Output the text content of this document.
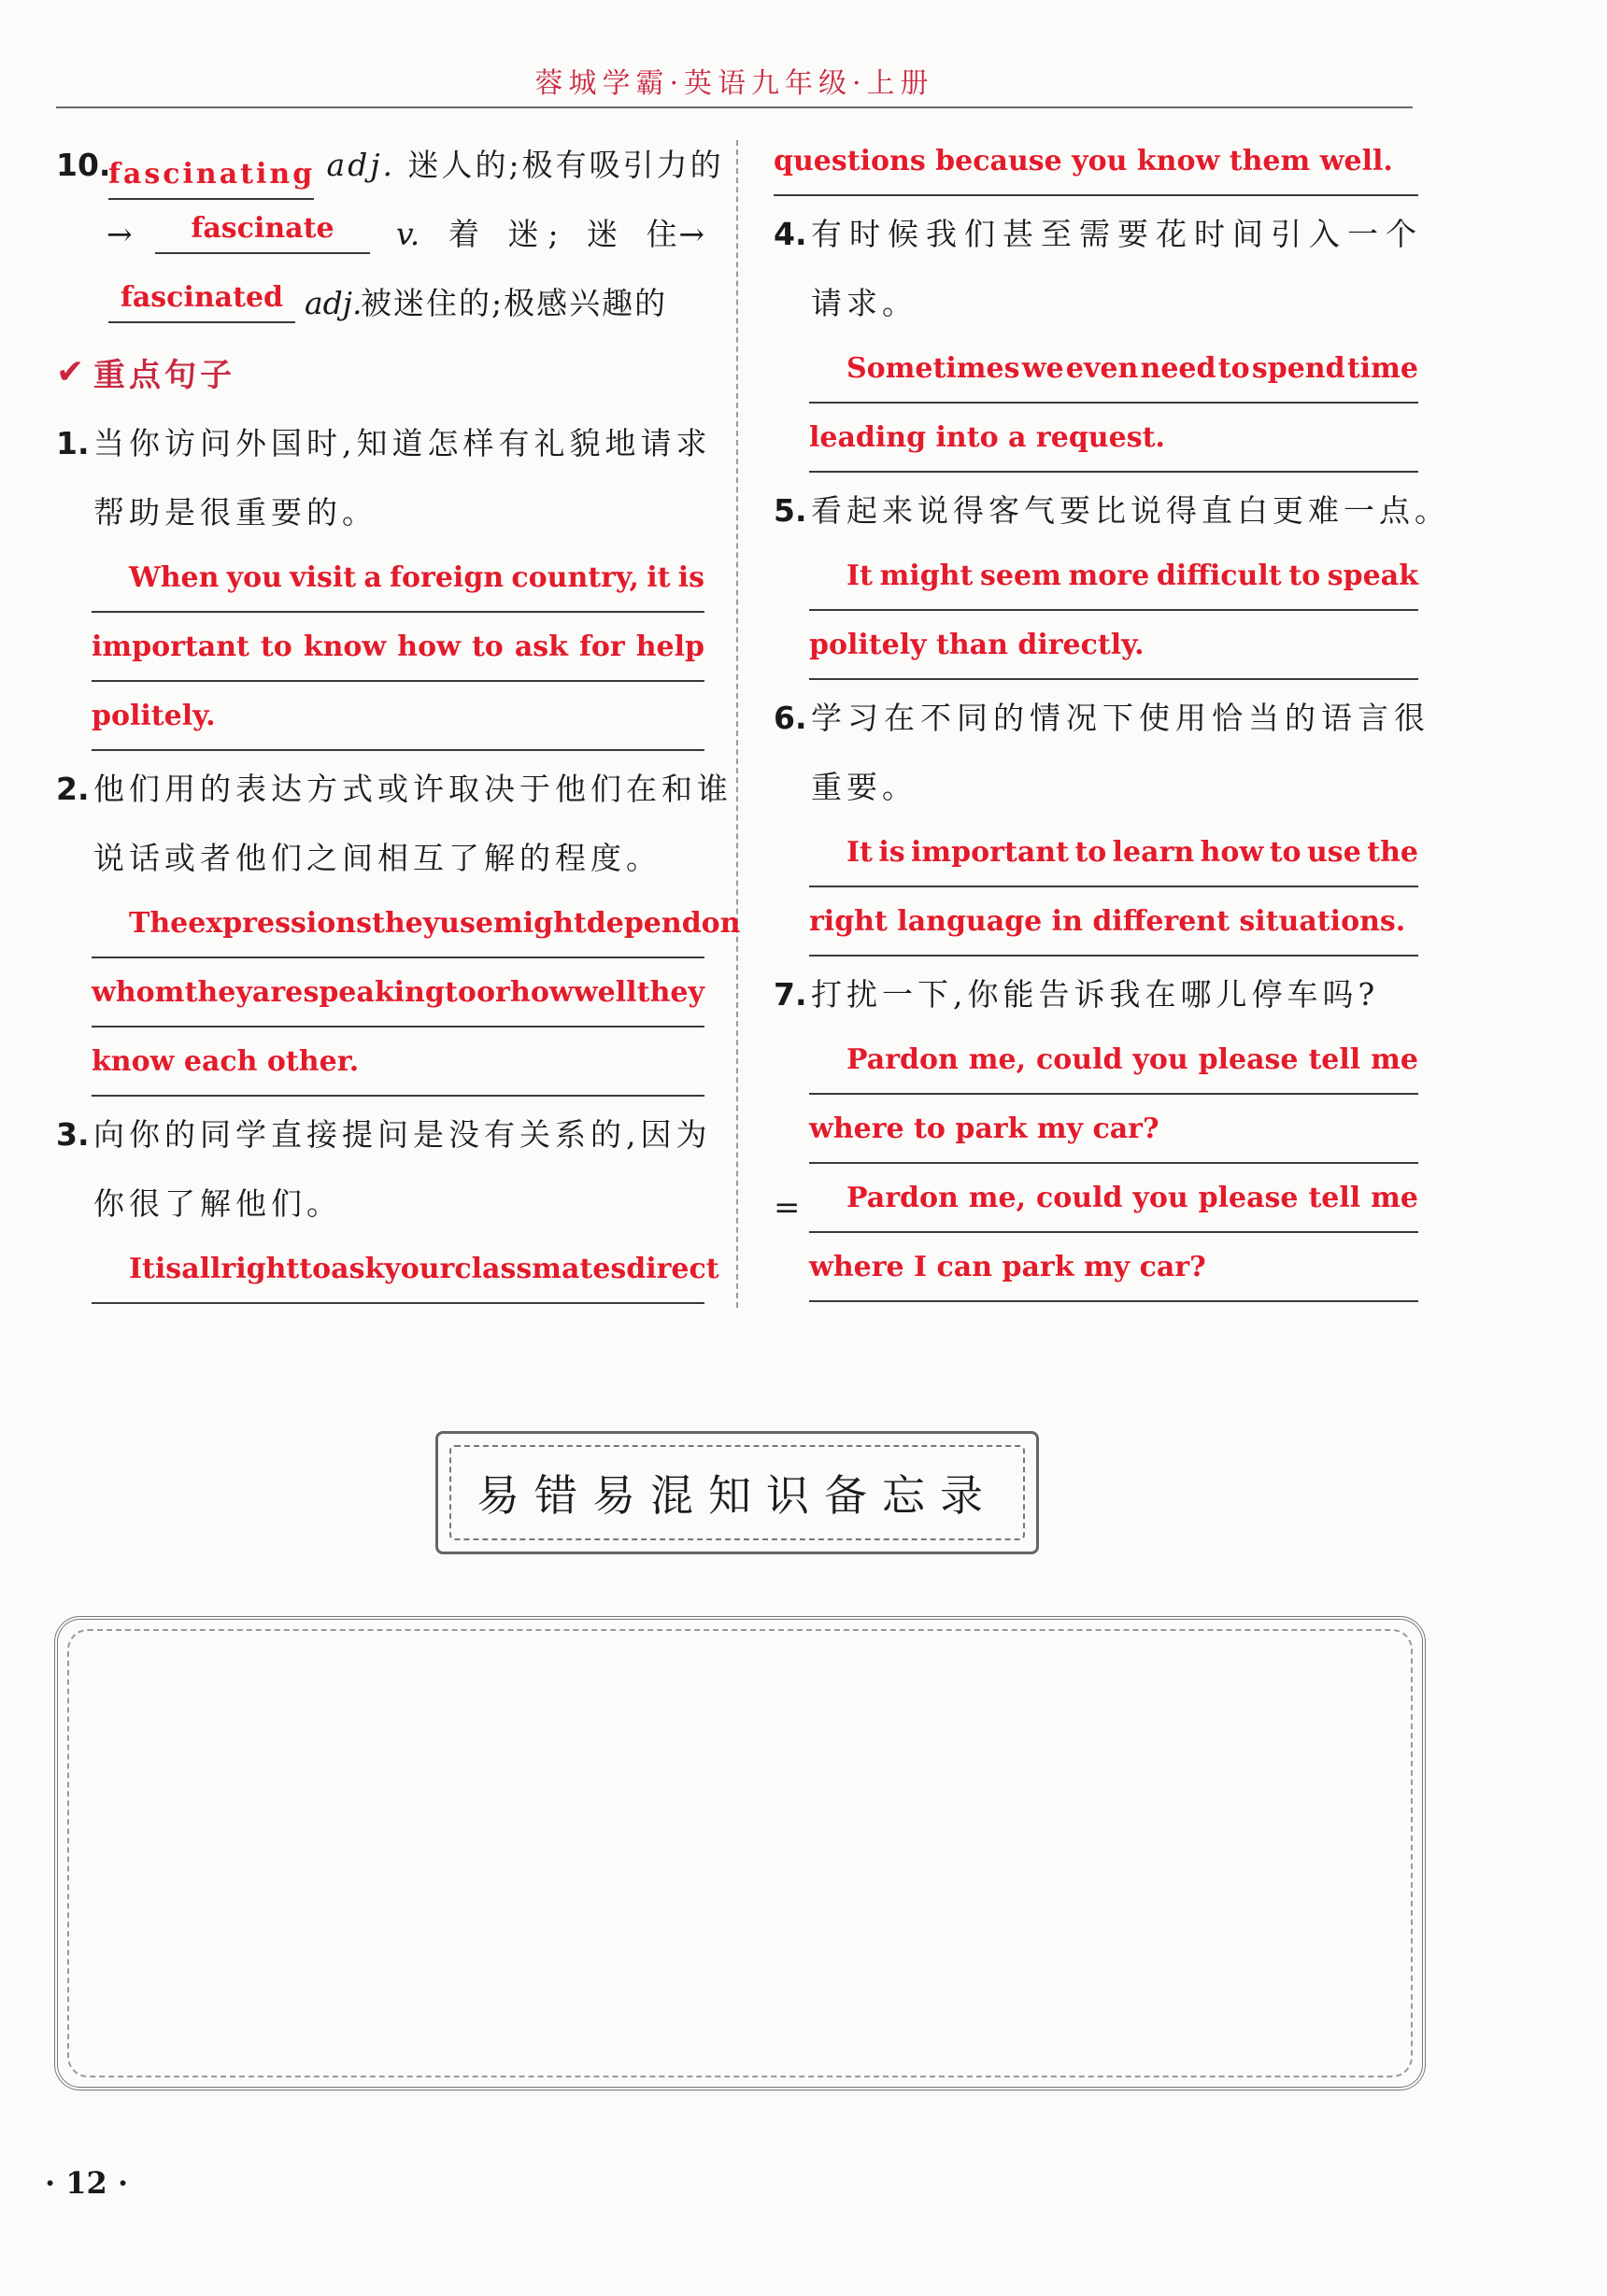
蓉城学霸·英语九年级·上册
10.
fascinating adj. 迷人的;极有吸引力的
→	fascinate	v. 着 迷; 迷 住
→
fascinated adj.
被迷住的;极感兴趣的
✔ 重点句子
1. 当你访问外国时,知道怎样有礼貌地请求
帮助是很重要的。
When you visit a foreign country, it is
important to know how to ask for help
politely.
2. 他们用的表达方式或许取决于他们在和谁
说话或者他们之间相互了解的程度。
The expressions they use might depend on
whom they are speaking to or how well they
know each other.
3. 向你的同学直接提问是没有关系的,因为
你很了解他们。
It is all right to ask your classmates direct
questions because you know them well.
4. 有时候我们甚至需要花时间引入一个
请求。
Sometimes we even need to spend time
leading into a request.
5. 看起来说得客气要比说得直白更难一点。
It might seem more difficult to speak
politely than directly.
6. 学习在不同的情况下使用恰当的语言很
重要。
It is important to learn how to use the
right language in different situations.
7. 打扰一下,你能告诉我在哪儿停车吗?
Pardon me, could you please tell me
where to park my car?
= Pardon me, could you please tell me
where I can park my car?
易错易混知识备忘录
· 12 ·
